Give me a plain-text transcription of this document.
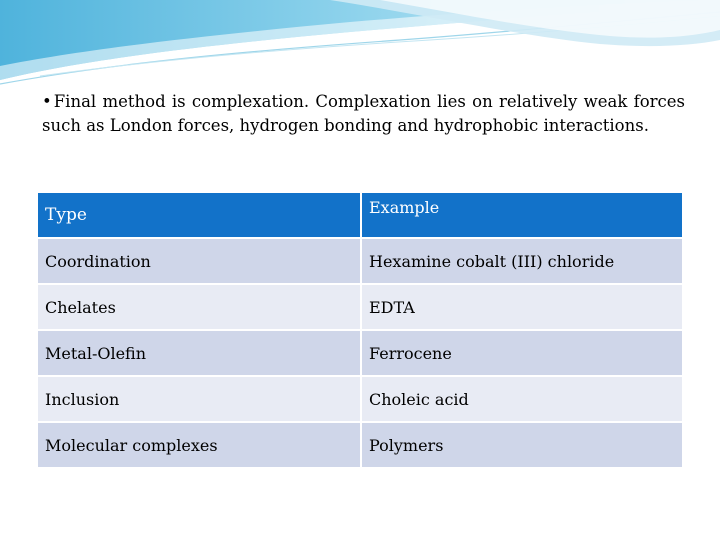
• Final method is complexation. Complexation lies on relatively weak forces such as London forces, hydrogen bonding and hydrophobic interactions.

Type	Example
Coordination	Hexamine cobalt (III) chloride
Chelates	EDTA
Metal-Olefin	Ferrocene
Inclusion	Choleic acid
Molecular complexes	Polymers
